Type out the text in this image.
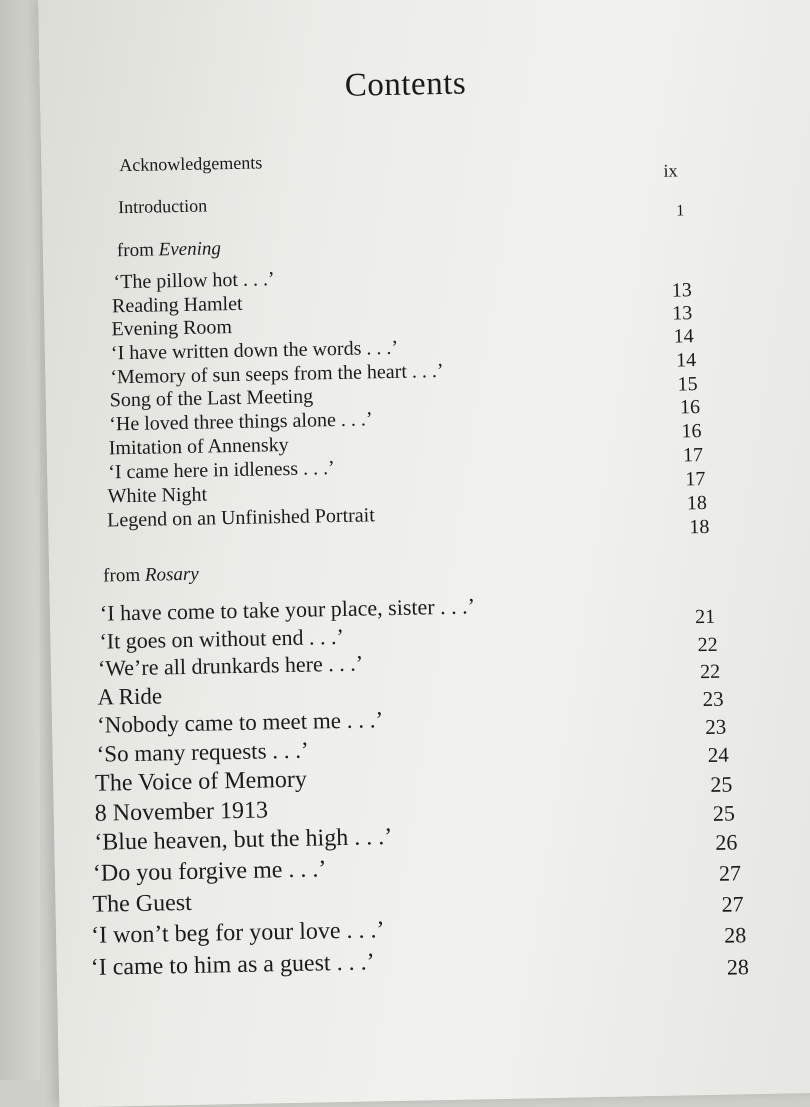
Contents
Acknowledgements	ix
Introduction	1
from Evening
‘The pillow hot . . .’	13
Reading Hamlet	13
Evening Room	14
‘I have written down the words . . .’	14
‘Memory of sun seeps from the heart . . .’	15
Song of the Last Meeting	16
‘He loved three things alone . . .’	16
Imitation of Annensky	17
‘I came here in idleness . . .’	17
White Night	18
Legend on an Unfinished Portrait	18
from Rosary
‘I have come to take your place, sister . . .’	21
‘It goes on without end . . .’	22
‘We’re all drunkards here . . .’	22
A Ride	23
‘Nobody came to meet me . . .’	23
‘So many requests . . .’	24
The Voice of Memory	25
8 November 1913	25
‘Blue heaven, but the high . . .’	26
‘Do you forgive me . . .’	27
The Guest	27
‘I won’t beg for your love . . .’	28
‘I came to him as a guest . . .’	28
